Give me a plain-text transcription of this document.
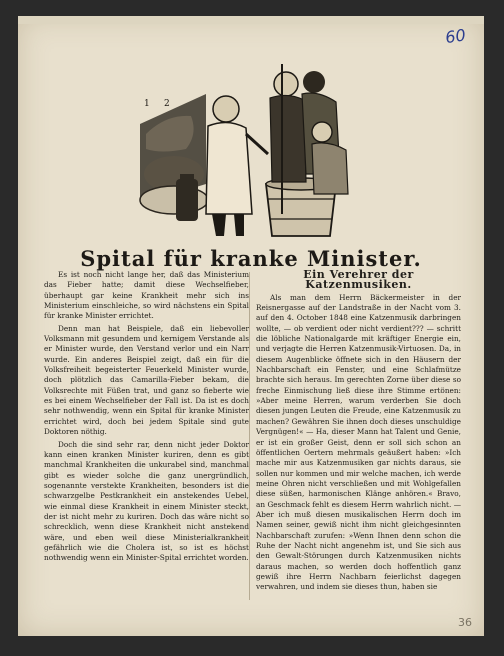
60
1 2
Spital für kranke Minister.

Es ist noch nicht lange her, daß das Ministerium das Fieber hatte; damit diese Wechselfieber, überhaupt gar keine Krankheit mehr sich ins Ministerium einschleiche, so wird nächstens ein Spital für kranke Minister errichtet.

Denn man hat Beispiele, daß ein liebevoller Volksmann mit gesundem und kernigem Verstande als er Minister wurde, den Verstand verlor und ein Narr wurde. Ein anderes Beispiel zeigt, daß ein für die Volksfreiheit begeisterter Feuerkeld Minister wurde, doch plötzlich das Camarilla-Fieber bekam, die Volksrechte mit Füßen trat, und ganz so fieberte wie es bei einem Wechselfieber der Fall ist. Da ist es doch sehr nothwendig, wenn ein Spital für kranke Minister errichtet wird, doch bei jedem Spitale sind gute Doktoren nöthig.

Doch die sind sehr rar, denn nicht jeder Doktor kann einen kranken Minister kuriren, denn es gibt manchmal Krankheiten die unkurabel sind, manchmal gibt es wieder solche die ganz unergründlich, sogenannte verstekte Krankheiten, besonders ist die schwarzgelbe Pestkrankheit ein anstekendes Uebel, wie einmal diese Krankheit in einem Minister steckt, der ist nicht mehr zu kuriren. Doch das wäre nicht so schrecklich, wenn diese Krankheit nicht anstekend wäre, und eben weil diese Ministerialkrankheit gefährlich wie die Cholera ist, so ist es höchst nothwendig wenn ein Minister-Spital errichtet worden.

Ein Verehrer der Katzenmusiken.

Als man dem Herrn Bäckermeister in der Reisnergasse auf der Landstraße in der Nacht vom 3. auf den 4. October 1848 eine Katzenmusik darbringen wollte, — ob verdient oder nicht verdient??? — schritt die löbliche Nationalgarde mit kräftiger Energie ein, und verjagte die Herren Katzenmusik-Virtuosen. Da, in diesem Augenblicke öffnete sich in den Häusern der Nachbarschaft ein Fenster, und eine Schlafmütze brachte sich heraus. Im gerechten Zorne über diese so freche Einmischung ließ diese ihre Stimme ertönen: »Aber meine Herren, warum verderben Sie doch diesen jungen Leuten die Freude, eine Katzenmusik zu machen? Gewähren Sie ihnen doch dieses unschuldige Vergnügen!« — Ha, dieser Mann hat Talent und Genie, er ist ein großer Geist, denn er soll sich schon an öffentlichen Oertern mehrmals geäußert haben: »Ich mache mir aus Katzenmusiken gar nichts daraus, sie sollen nur kommen und mir welche machen, ich werde meine Ohren nicht verschließen und mit Wohlgefallen diese süßen, harmonischen Klänge anhören.« Bravo, an Geschmack fehlt es diesem Herrn wahrlich nicht. — Aber ich muß diesen musikalischen Herrn doch im Namen seiner, gewiß nicht ihm nicht gleichgesinnten Nachbarschaft zurufen: »Wenn Ihnen denn schon die Ruhe der Nacht nicht angenehm ist, und Sie sich aus den Gewalt-Störungen durch Katzenmusiken nichts daraus machen, so werden doch hoffentlich ganz gewiß ihre Herrn Nachbarn feierlichst dagegen verwahren, und indem sie dieses thun, haben sie

36
